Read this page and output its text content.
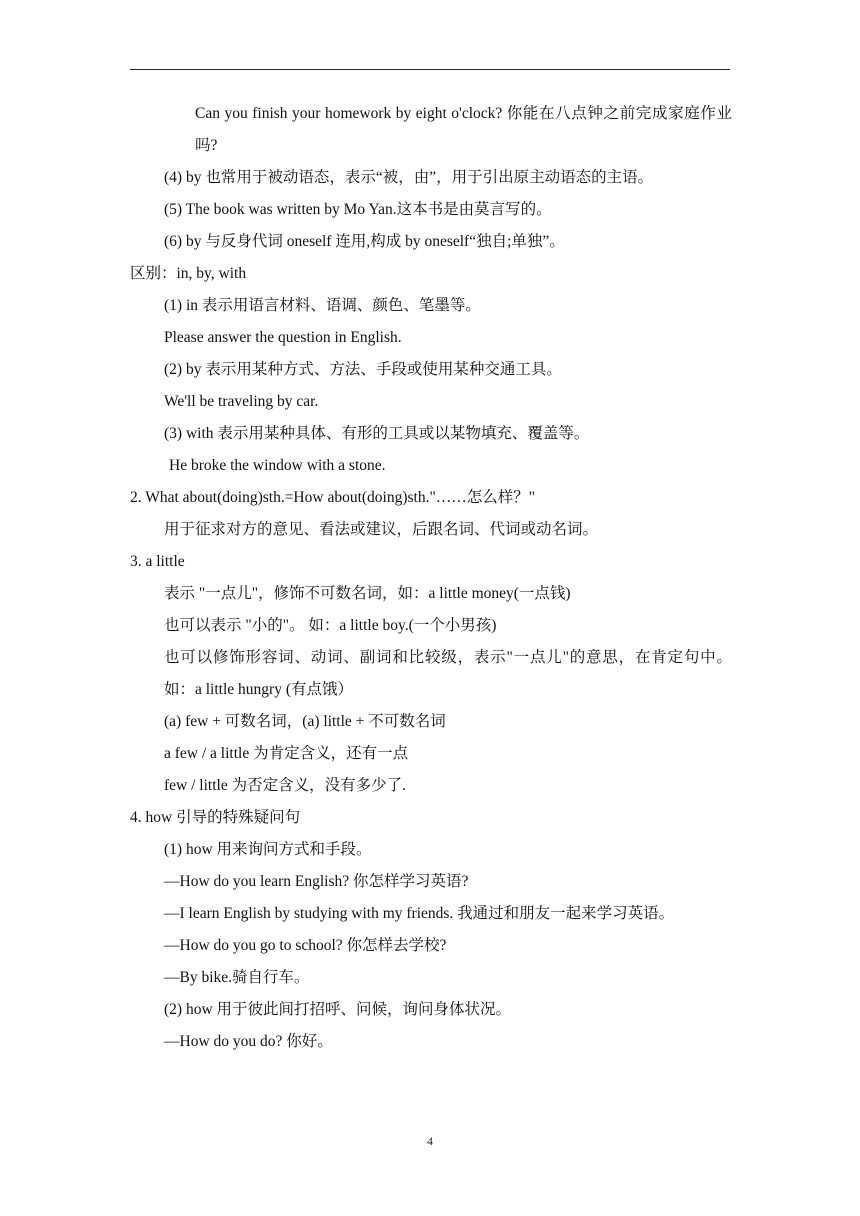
Can you finish your homework by eight o'clock? 你能在八点钟之前完成家庭作业吗?
(4) by 也常用于被动语态，表示“被，由”，用于引出原主动语态的主语。
(5) The book was written by Mo Yan.这本书是由莫言写的。
(6) by 与反身代词 oneself 连用,构成 by oneself“独自;单独”。
区别：in, by, with
(1) in 表示用语言材料、语调、颜色、笔墨等。
Please answer the question in English.
(2) by 表示用某种方式、方法、手段或使用某种交通工具。
We'll be traveling by car.
(3) with 表示用某种具体、有形的工具或以某物填充、覆盖等。
He broke the window with a stone.
2. What about(doing)sth.=How about(doing)sth."……怎么样？"
用于征求对方的意见、看法或建议，后跟名词、代词或动名词。
3. a little
表示 "一点儿"，修饰不可数名词，如：a little money(一点钱)
也可以表示 "小的"。 如：a little boy.(一个小男孩)
也可以修饰形容词、动词、副词和比较级，表示"一点儿"的意思，在肯定句中。如：a little hungry (有点饿）
(a) few + 可数名词，(a) little + 不可数名词
a few / a little 为肯定含义，还有一点
few / little 为否定含义，没有多少了.
4. how 引导的特殊疑问句
(1) how 用来询问方式和手段。
—How do you learn English? 你怎样学习英语?
—I learn English by studying with my friends. 我通过和朋友一起来学习英语。
—How do you go to school? 你怎样去学校?
—By bike.骑自行车。
(2) how 用于彼此间打招呼、问候，询问身体状况。
—How do you do? 你好。
4
